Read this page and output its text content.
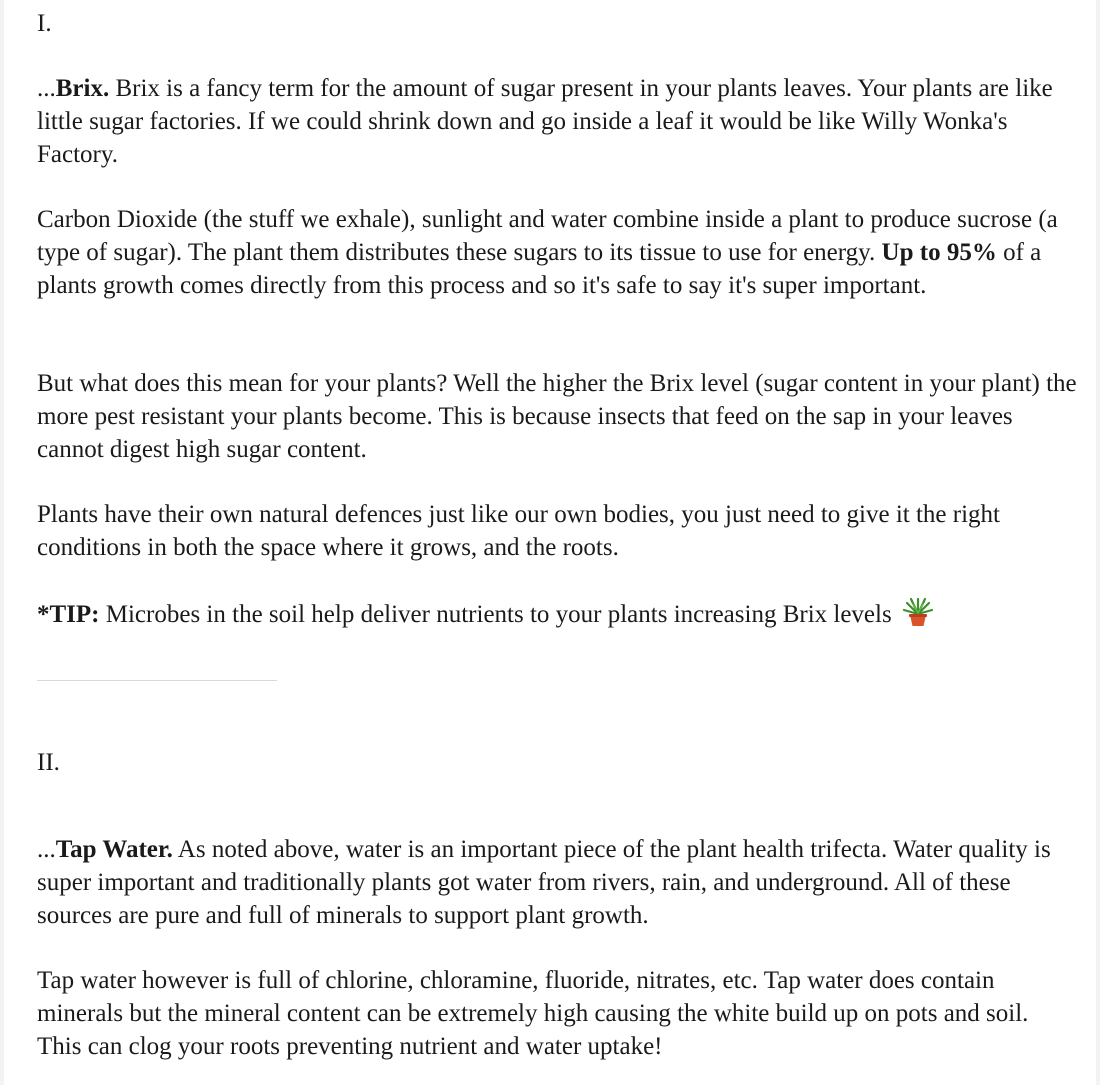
I.

...Brix. Brix is a fancy term for the amount of sugar present in your plants leaves. Your plants are like little sugar factories. If we could shrink down and go inside a leaf it would be like Willy Wonka's Factory.

Carbon Dioxide (the stuff we exhale), sunlight and water combine inside a plant to produce sucrose (a type of sugar). The plant them distributes these sugars to its tissue to use for energy. Up to 95% of a plants growth comes directly from this process and so it's safe to say it's super important.

But what does this mean for your plants? Well the higher the Brix level (sugar content in your plant) the more pest resistant your plants become. This is because insects that feed on the sap in your leaves cannot digest high sugar content.

Plants have their own natural defences just like our own bodies, you just need to give it the right conditions in both the space where it grows, and the roots.

*TIP: Microbes in the soil help deliver nutrients to your plants increasing Brix levels

II.

...Tap Water. As noted above, water is an important piece of the plant health trifecta. Water quality is super important and traditionally plants got water from rivers, rain, and underground. All of these sources are pure and full of minerals to support plant growth.

Tap water however is full of chlorine, chloramine, fluoride, nitrates, etc. Tap water does contain minerals but the mineral content can be extremely high causing the white build up on pots and soil. This can clog your roots preventing nutrient and water uptake!
